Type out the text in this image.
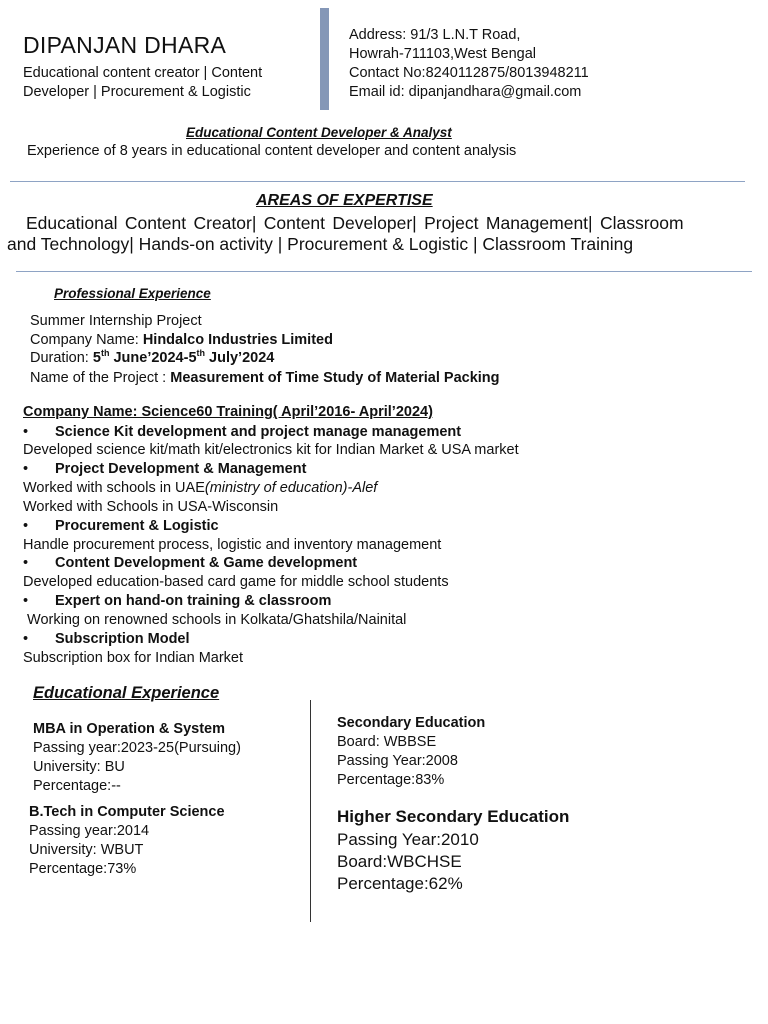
DIPANJAN DHARA
Educational content creator | Content
Developer | Procurement & Logistic
Address: 91/3 L.N.T Road,
Howrah-711103,West Bengal
Contact No:8240112875/8013948211
Email id: dipanjandhara@gmail.com
Educational Content Developer & Analyst
Experience of 8 years in educational content developer and content analysis
AREAS OF EXPERTISE
Educational Content Creator| Content Developer| Project Management| Classroom
and Technology| Hands-on activity | Procurement & Logistic | Classroom Training
Professional Experience
Summer Internship Project
Company Name: Hindalco Industries Limited
Duration: 5th June’2024-5th July’2024
Name of the Project : Measurement of Time Study of Material Packing
Company Name: Science60 Training( April’2016- April’2024)
• Science Kit development and project manage management
Developed science kit/math kit/electronics kit for Indian Market & USA market
• Project Development & Management
Worked with schools in UAE(ministry of education)-Alef
Worked with Schools in USA-Wisconsin
• Procurement & Logistic
Handle procurement process, logistic and inventory management
• Content Development & Game development
Developed education-based card game for middle school students
• Expert on hand-on training & classroom
Working on renowned schools in Kolkata/Ghatshila/Nainital
• Subscription Model
Subscription box for Indian Market
Educational Experience
MBA in Operation & System
Passing year:2023-25(Pursuing)
University: BU
Percentage:--
B.Tech in Computer Science
Passing year:2014
University: WBUT
Percentage:73%
Secondary Education
Board: WBBSE
Passing Year:2008
Percentage:83%
Higher Secondary Education
Passing Year:2010
Board:WBCHSE
Percentage:62%
